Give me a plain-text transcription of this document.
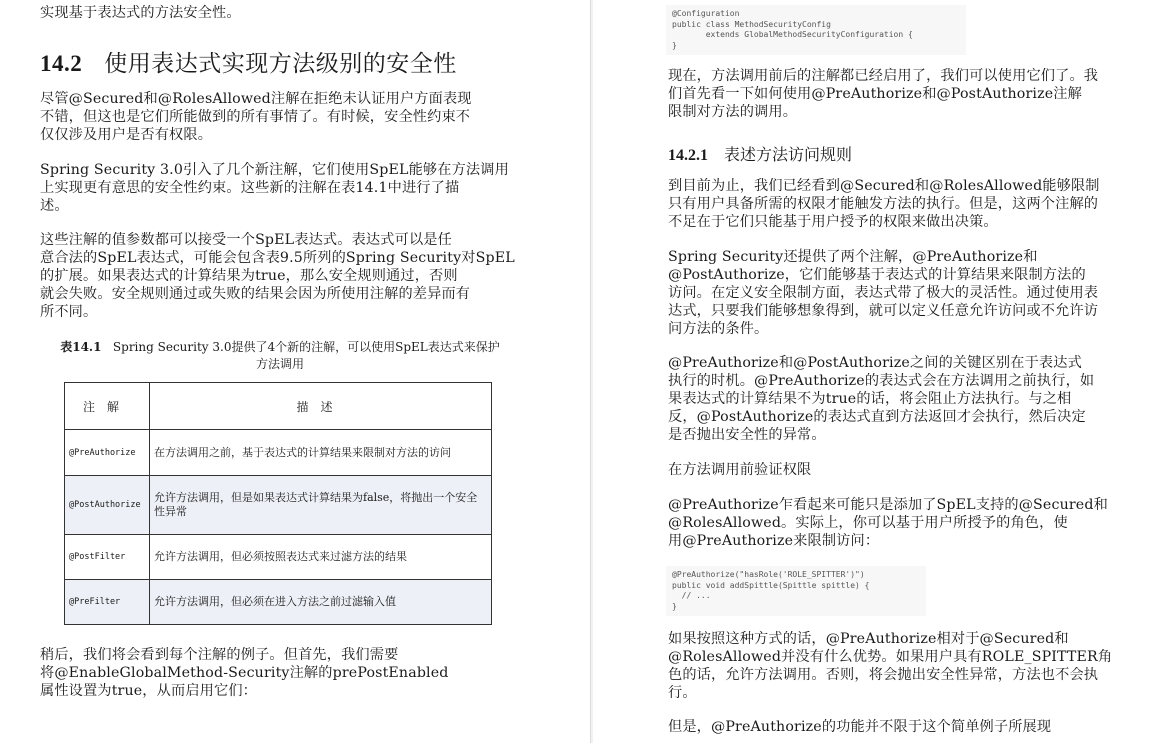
实现基于表达式的方法安全性。
14.2 使用表达式实现方法级别的安全性
尽管@Secured和@RolesAllowed注解在拒绝未认证用户方面表现
不错，但这也是它们所能做到的所有事情了。有时候，安全性约束不
仅仅涉及用户是否有权限。
Spring Security 3.0引入了几个新注解，它们使用SpEL能够在方法调用
上实现更有意思的安全性约束。这些新的注解在表14.1中进行了描
述。
这些注解的值参数都可以接受一个SpEL表达式。表达式可以是任
意合法的SpEL表达式，可能会包含表9.5所列的Spring Security对SpEL
的扩展。如果表达式的计算结果为true，那么安全规则通过，否则
就会失败。安全规则通过或失败的结果会因为所使用注解的差异而有
所不同。
表14.1 Spring Security 3.0提供了4个新的注解，可以使用SpEL表达式来保护
方法调用
注解	描述
@PreAuthorize	在方法调用之前，基于表达式的计算结果来限制对方法的访问
@PostAuthorize	允许方法调用，但是如果表达式计算结果为false，将抛出一个安全性异常
@PostFilter	允许方法调用，但必须按照表达式来过滤方法的结果
@PreFilter	允许方法调用，但必须在进入方法之前过滤输入值
稍后，我们将会看到每个注解的例子。但首先，我们需要
将@EnableGlobalMethod-Security注解的prePostEnabled
属性设置为true，从而启用它们：
@Configuration
public class MethodSecurityConfig
extends GlobalMethodSecurityConfiguration {
}
现在，方法调用前后的注解都已经启用了，我们可以使用它们了。我
们首先看一下如何使用@PreAuthorize和@PostAuthorize注解
限制对方法的调用。
14.2.1 表述方法访问规则
到目前为止，我们已经看到@Secured和@RolesAllowed能够限制
只有用户具备所需的权限才能触发方法的执行。但是，这两个注解的
不足在于它们只能基于用户授予的权限来做出决策。
Spring Security还提供了两个注解，@PreAuthorize和
@PostAuthorize，它们能够基于表达式的计算结果来限制方法的
访问。在定义安全限制方面，表达式带了极大的灵活性。通过使用表
达式，只要我们能够想象得到，就可以定义任意允许访问或不允许访
问方法的条件。
@PreAuthorize和@PostAuthorize之间的关键区别在于表达式
执行的时机。@PreAuthorize的表达式会在方法调用之前执行，如
果表达式的计算结果不为true的话，将会阻止方法执行。与之相
反，@PostAuthorize的表达式直到方法返回才会执行，然后决定
是否抛出安全性的异常。
在方法调用前验证权限
@PreAuthorize乍看起来可能只是添加了SpEL支持的@Secured和
@RolesAllowed。实际上，你可以基于用户所授予的角色，使
用@PreAuthorize来限制访问：
@PreAuthorize("hasRole('ROLE_SPITTER')")
public void addSpittle(Spittle spittle) {
// ...
}
如果按照这种方式的话，@PreAuthorize相对于@Secured和
@RolesAllowed并没有什么优势。如果用户具有ROLE_SPITTER角
色的话，允许方法调用。否则，将会抛出安全性异常，方法也不会执
行。
但是，@PreAuthorize的功能并不限于这个简单例子所展现
